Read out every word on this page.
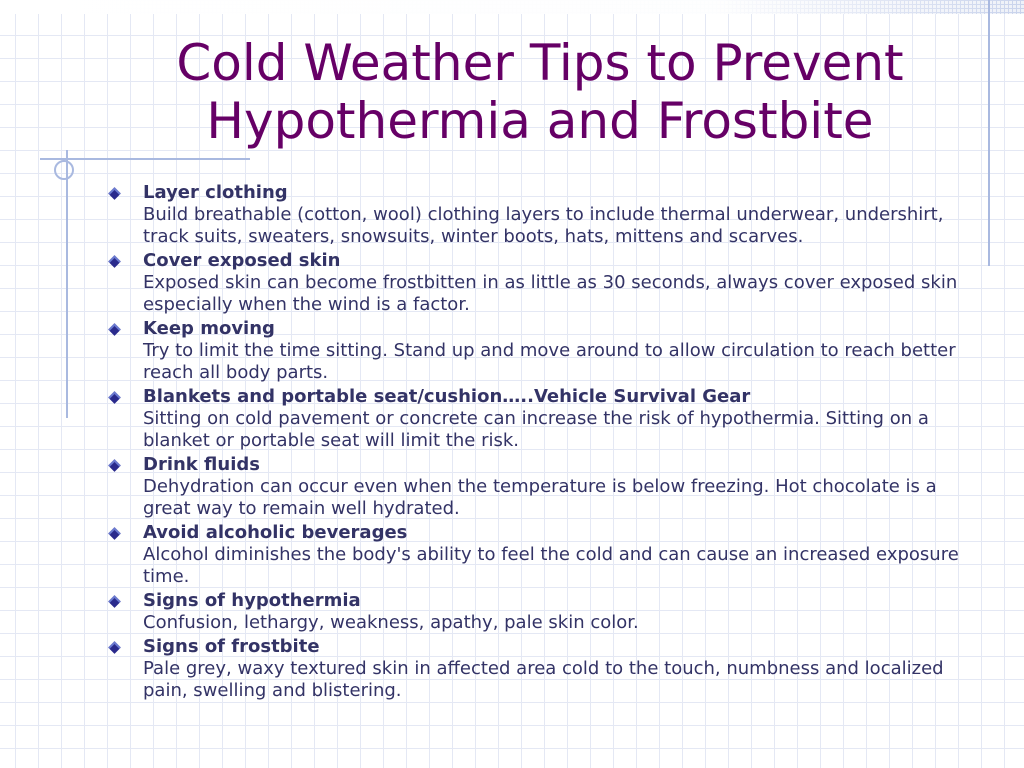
Cold Weather Tips to Prevent Hypothermia and Frostbite
Layer clothing
Build breathable (cotton, wool) clothing layers to include thermal underwear, undershirt, track suits, sweaters, snowsuits, winter boots, hats, mittens and scarves.
Cover exposed skin
Exposed skin can become frostbitten in as little as 30 seconds, always cover exposed skin especially when the wind is a factor.
Keep moving
Try to limit the time sitting. Stand up and move around to allow circulation to reach better reach all body parts.
Blankets and portable seat/cushion…..Vehicle Survival Gear
Sitting on cold pavement or concrete can increase the risk of hypothermia. Sitting on a blanket or portable seat will limit the risk.
Drink fluids
Dehydration can occur even when the temperature is below freezing. Hot chocolate is a great way to remain well hydrated.
Avoid alcoholic beverages
Alcohol diminishes the body's ability to feel the cold and can cause an increased exposure time.
Signs of hypothermia
Confusion, lethargy, weakness, apathy, pale skin color.
Signs of frostbite
Pale grey, waxy textured skin in affected area cold to the touch, numbness and localized pain, swelling and blistering.
